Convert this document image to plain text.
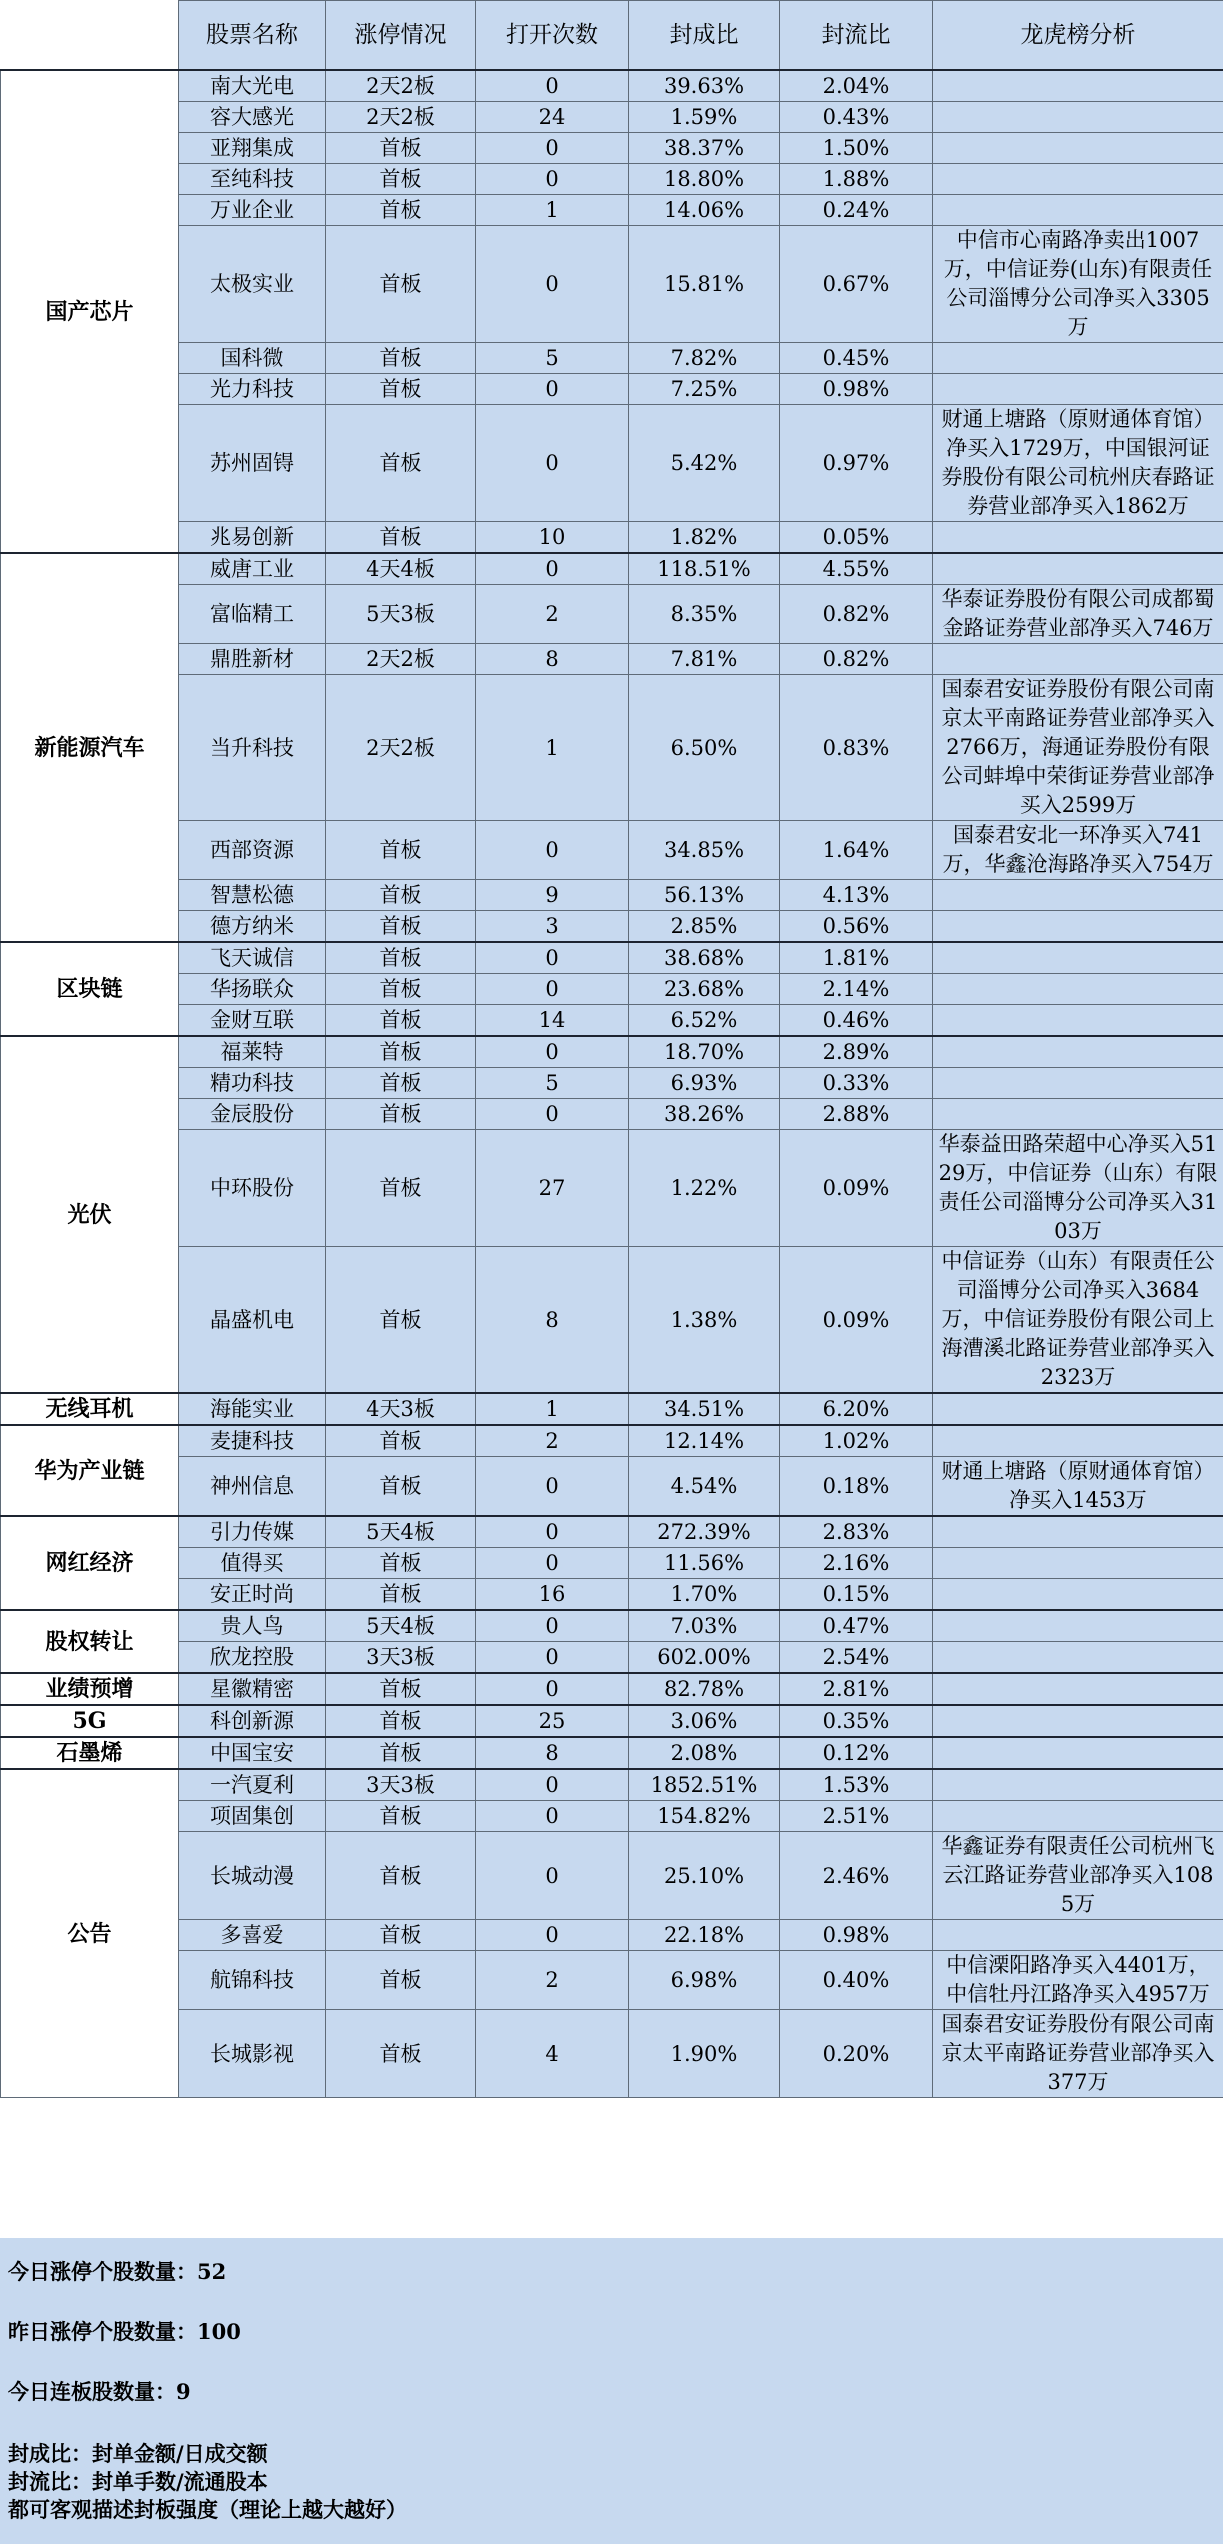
	股票名称	涨停情况	打开次数	封成比	封流比	龙虎榜分析
国产芯片	南大光电	2天2板	0	39.63%	2.04%	
	容大感光	2天2板	24	1.59%	0.43%	
	亚翔集成	首板	0	38.37%	1.50%	
	至纯科技	首板	0	18.80%	1.88%	
	万业企业	首板	1	14.06%	0.24%	
	太极实业	首板	0	15.81%	0.67%	中信市心南路净卖出1007万，中信证券(山东)有限责任公司淄博分公司净买入3305万
	国科微	首板	5	7.82%	0.45%	
	光力科技	首板	0	7.25%	0.98%	
	苏州固锝	首板	0	5.42%	0.97%	财通上塘路（原财通体育馆）净买入1729万，中国银河证券股份有限公司杭州庆春路证券营业部净买入1862万
	兆易创新	首板	10	1.82%	0.05%	
新能源汽车	威唐工业	4天4板	0	118.51%	4.55%	
	富临精工	5天3板	2	8.35%	0.82%	华泰证券股份有限公司成都蜀金路证券营业部净买入746万
	鼎胜新材	2天2板	8	7.81%	0.82%	
	当升科技	2天2板	1	6.50%	0.83%	国泰君安证券股份有限公司南京太平南路证券营业部净买入2766万，海通证券股份有限公司蚌埠中荣街证券营业部净买入2599万
	西部资源	首板	0	34.85%	1.64%	国泰君安北一环净买入741万，华鑫沧海路净买入754万
	智慧松德	首板	9	56.13%	4.13%	
	德方纳米	首板	3	2.85%	0.56%	
区块链	飞天诚信	首板	0	38.68%	1.81%	
	华扬联众	首板	0	23.68%	2.14%	
	金财互联	首板	14	6.52%	0.46%	
光伏	福莱特	首板	0	18.70%	2.89%	
	精功科技	首板	5	6.93%	0.33%	
	金辰股份	首板	0	38.26%	2.88%	
	中环股份	首板	27	1.22%	0.09%	华泰益田路荣超中心净买入5129万，中信证券（山东）有限责任公司淄博分公司净买入3103万
	晶盛机电	首板	8	1.38%	0.09%	中信证券（山东）有限责任公司淄博分公司净买入3684万，中信证券股份有限公司上海漕溪北路证券营业部净买入2323万
无线耳机	海能实业	4天3板	1	34.51%	6.20%	
华为产业链	麦捷科技	首板	2	12.14%	1.02%	
	神州信息	首板	0	4.54%	0.18%	财通上塘路（原财通体育馆）净买入1453万
网红经济	引力传媒	5天4板	0	272.39%	2.83%	
	值得买	首板	0	11.56%	2.16%	
	安正时尚	首板	16	1.70%	0.15%	
股权转让	贵人鸟	5天4板	0	7.03%	0.47%	
	欣龙控股	3天3板	0	602.00%	2.54%	
业绩预增	星徽精密	首板	0	82.78%	2.81%	
5G	科创新源	首板	25	3.06%	0.35%	
石墨烯	中国宝安	首板	8	2.08%	0.12%	
公告	一汽夏利	3天3板	0	1852.51%	1.53%	
	项固集创	首板	0	154.82%	2.51%	
	长城动漫	首板	0	25.10%	2.46%	华鑫证券有限责任公司杭州飞云江路证券营业部净买入1085万
	多喜爱	首板	0	22.18%	0.98%	
	航锦科技	首板	2	6.98%	0.40%	中信溧阳路净买入4401万，中信牡丹江路净买入4957万
	长城影视	首板	4	1.90%	0.20%	国泰君安证券股份有限公司南京太平南路证券营业部净买入377万
今日涨停个股数量：52
昨日涨停个股数量：100
今日连板股数量：9
封成比：封单金额/日成交额
封流比：封单手数/流通股本
都可客观描述封板强度（理论上越大越好）
